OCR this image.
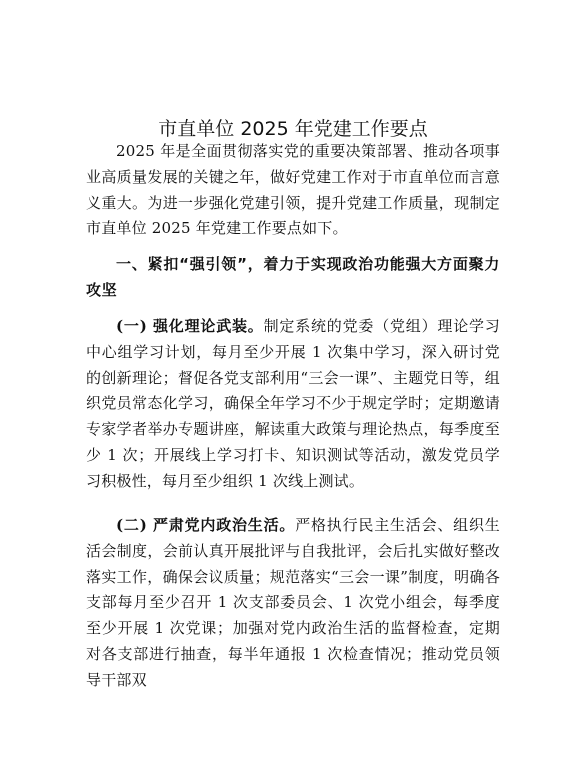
市直单位 2025 年党建工作要点

2025 年是全面贯彻落实党的重要决策部署、推动各项事业高质量发展的关键之年，做好党建工作对于市直单位而言意义重大。为进一步强化党建引领，提升党建工作质量，现制定市直单位 2025 年党建工作要点如下。

一、紧扣“强引领”，着力于实现政治功能强大方面聚力攻坚

(一) 强化理论武装。制定系统的党委（党组）理论学习中心组学习计划，每月至少开展 1 次集中学习，深入研讨党的创新理论；督促各党支部利用“三会一课”、主题党日等，组织党员常态化学习，确保全年学习不少于规定学时；定期邀请专家学者举办专题讲座，解读重大政策与理论热点，每季度至少 1 次；开展线上学习打卡、知识测试等活动，激发党员学习积极性，每月至少组织 1 次线上测试。

(二) 严肃党内政治生活。严格执行民主生活会、组织生活会制度，会前认真开展批评与自我批评，会后扎实做好整改落实工作，确保会议质量；规范落实“三会一课”制度，明确各支部每月至少召开 1 次支部委员会、1 次党小组会，每季度至少开展 1 次党课；加强对党内政治生活的监督检查，定期对各支部进行抽查，每半年通报 1 次检查情况；推动党员领导干部双
